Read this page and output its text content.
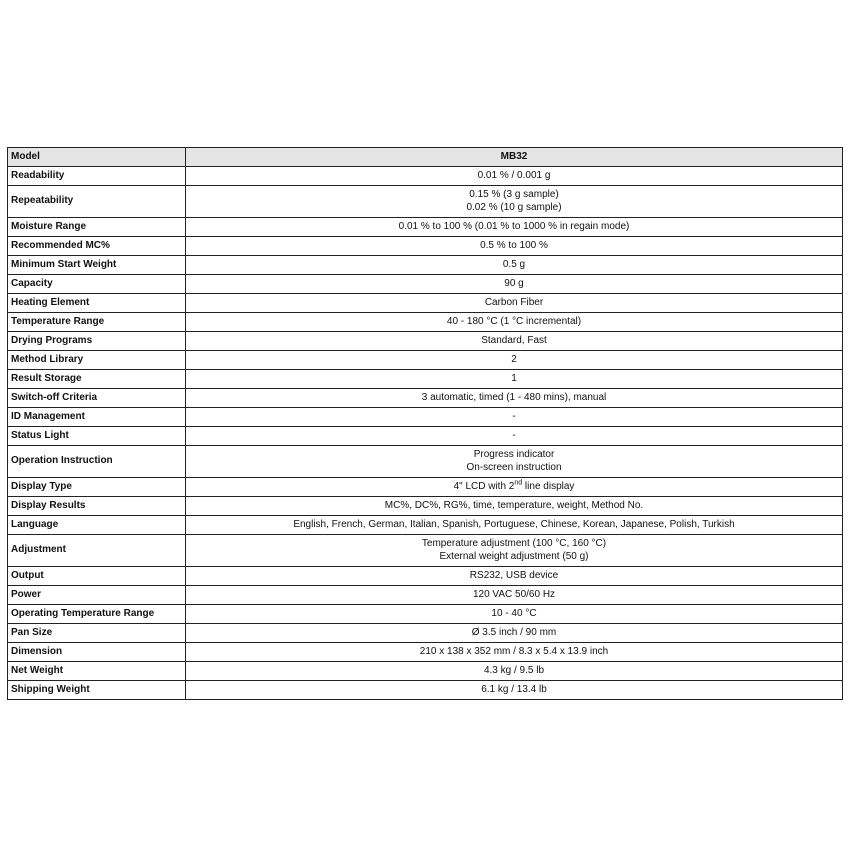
Model	MB32
Readability	0.01 % / 0.001 g

Repeatability	0.15 % (3 g sample)
0.02 % (10 g sample)

Moisture Range	0.01 % to 100 % (0.01 % to 1000 % in regain mode)

Recommended MC%	0.5 % to 100 %

Minimum Start Weight	0.5 g

Capacity	90 g

Heating Element	Carbon Fiber

Temperature Range	40 - 180 °C (1 °C incremental)

Drying Programs	Standard, Fast

Method Library	2

Result Storage	1

Switch-off Criteria	3 automatic, timed (1 - 480 mins), manual

ID Management	-

Status Light	-

Operation Instruction	Progress indicator
On-screen instruction

Display Type	4" LCD with 2nd line display
Display Results	MC%, DC%, RG%, time, temperature, weight, Method No.

Language	English, French, German, Italian, Spanish, Portuguese, Chinese, Korean, Japanese, Polish, Turkish

Adjustment	Temperature adjustment (100 °C, 160 °C)
External weight adjustment (50 g)

Output	RS232, USB device

Power	120 VAC 50/60 Hz

Operating Temperature Range	10 - 40 °C

Pan Size	Ø 3.5 inch / 90 mm

Dimension	210 x 138 x 352 mm / 8.3 x 5.4 x 13.9 inch

Net Weight	4.3 kg / 9.5 lb

Shipping Weight	6.1 kg / 13.4 lb
